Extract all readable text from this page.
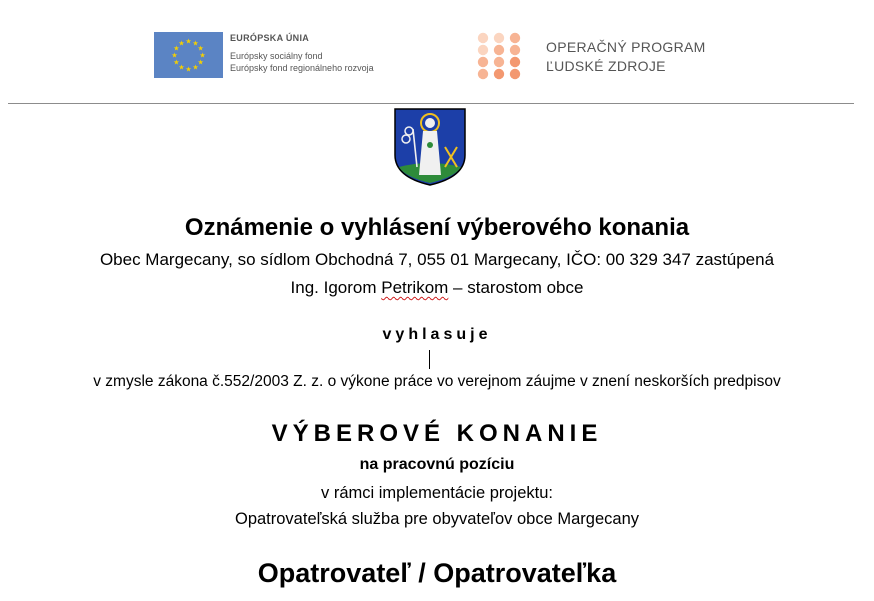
★
★
★
★
★
★
★
★
★ ★ ★
★
EURÓPSKA ÚNIA
Európsky sociálny fond
Európsky fond regionálneho rozvoja
OPERAČNÝ PROGRAM
ĽUDSKÉ ZDROJE
Oznámenie o vyhlásení výberového konania
Obec Margecany, so sídlom Obchodná 7, 055 01 Margecany, IČO: 00 329 347 zastúpená
Ing. Igorom Petrikom – starostom obce
vyhlasuje
v zmysle zákona č.552/2003 Z. z. o výkone práce vo verejnom záujme v znení neskorších predpisov
VÝBEROVÉ KONANIE
na pracovnú pozíciu
v rámci implementácie projektu:
Opatrovateľská služba pre obyvateľov obce Margecany
Opatrovateľ / Opatrovateľka
